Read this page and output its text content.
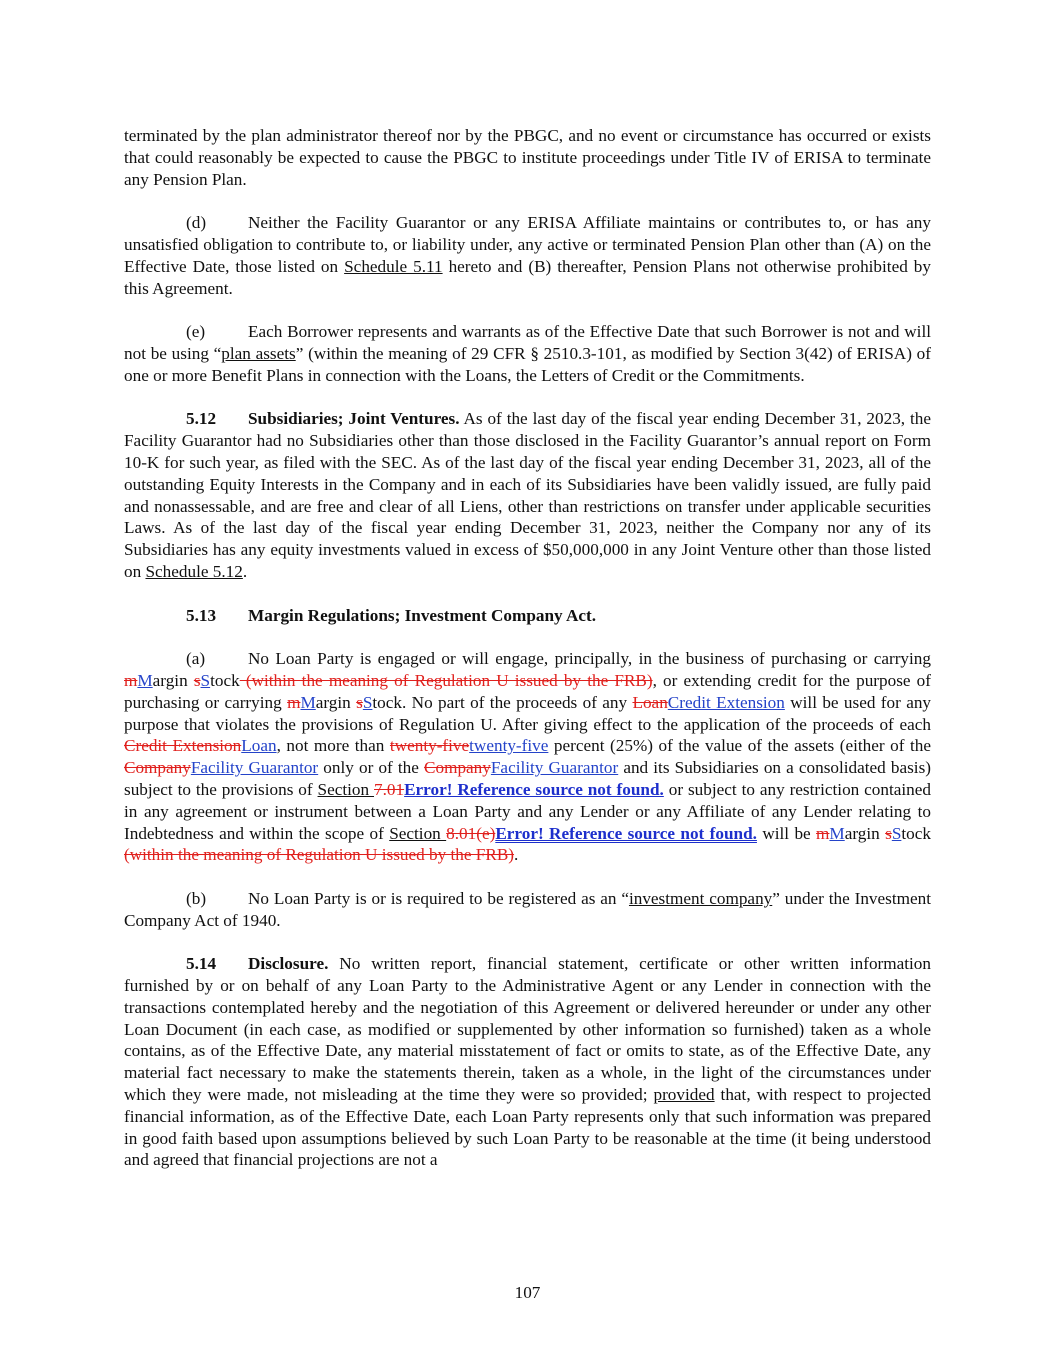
terminated by the plan administrator thereof nor by the PBGC, and no event or circumstance has occurred or exists that could reasonably be expected to cause the PBGC to institute proceedings under Title IV of ERISA to terminate any Pension Plan.

(d) Neither the Facility Guarantor or any ERISA Affiliate maintains or contributes to, or has any unsatisfied obligation to contribute to, or liability under, any active or terminated Pension Plan other than (A) on the Effective Date, those listed on Schedule 5.11 hereto and (B) thereafter, Pension Plans not otherwise prohibited by this Agreement.

(e) Each Borrower represents and warrants as of the Effective Date that such Borrower is not and will not be using “plan assets” (within the meaning of 29 CFR § 2510.3-101, as modified by Section 3(42) of ERISA) of one or more Benefit Plans in connection with the Loans, the Letters of Credit or the Commitments.

5.12 Subsidiaries; Joint Ventures. As of the last day of the fiscal year ending December 31, 2023, the Facility Guarantor had no Subsidiaries other than those disclosed in the Facility Guarantor’s annual report on Form 10-K for such year, as filed with the SEC. As of the last day of the fiscal year ending December 31, 2023, all of the outstanding Equity Interests in the Company and in each of its Subsidiaries have been validly issued, are fully paid and nonassessable, and are free and clear of all Liens, other than restrictions on transfer under applicable securities Laws. As of the last day of the fiscal year ending December 31, 2023, neither the Company nor any of its Subsidiaries has any equity investments valued in excess of $50,000,000 in any Joint Venture other than those listed on Schedule 5.12.

5.13 Margin Regulations; Investment Company Act.

(a) No Loan Party is engaged or will engage, principally, in the business of purchasing or carrying mMargin sStock (within the meaning of Regulation U issued by the FRB), or extending credit for the purpose of purchasing or carrying mMargin sStock. No part of the proceeds of any LoanCredit Extension will be used for any purpose that violates the provisions of Regulation U. After giving effect to the application of the proceeds of each Credit ExtensionLoan, not more than twenty-fivetwenty-five percent (25%) of the value of the assets (either of the CompanyFacility Guarantor only or of the CompanyFacility Guarantor and its Subsidiaries on a consolidated basis) subject to the provisions of Section 7.01Error! Reference source not found. or subject to any restriction contained in any agreement or instrument between a Loan Party and any Lender or any Affiliate of any Lender relating to Indebtedness and within the scope of Section 8.01(e)Error! Reference source not found. will be mMargin sStock (within the meaning of Regulation U issued by the FRB).

(b) No Loan Party is or is required to be registered as an “investment company” under the Investment Company Act of 1940.

5.14 Disclosure. No written report, financial statement, certificate or other written information furnished by or on behalf of any Loan Party to the Administrative Agent or any Lender in connection with the transactions contemplated hereby and the negotiation of this Agreement or delivered hereunder or under any other Loan Document (in each case, as modified or supplemented by other information so furnished) taken as a whole contains, as of the Effective Date, any material misstatement of fact or omits to state, as of the Effective Date, any material fact necessary to make the statements therein, taken as a whole, in the light of the circumstances under which they were made, not misleading at the time they were so provided; provided that, with respect to projected financial information, as of the Effective Date, each Loan Party represents only that such information was prepared in good faith based upon assumptions believed by such Loan Party to be reasonable at the time (it being understood and agreed that financial projections are not a

107
